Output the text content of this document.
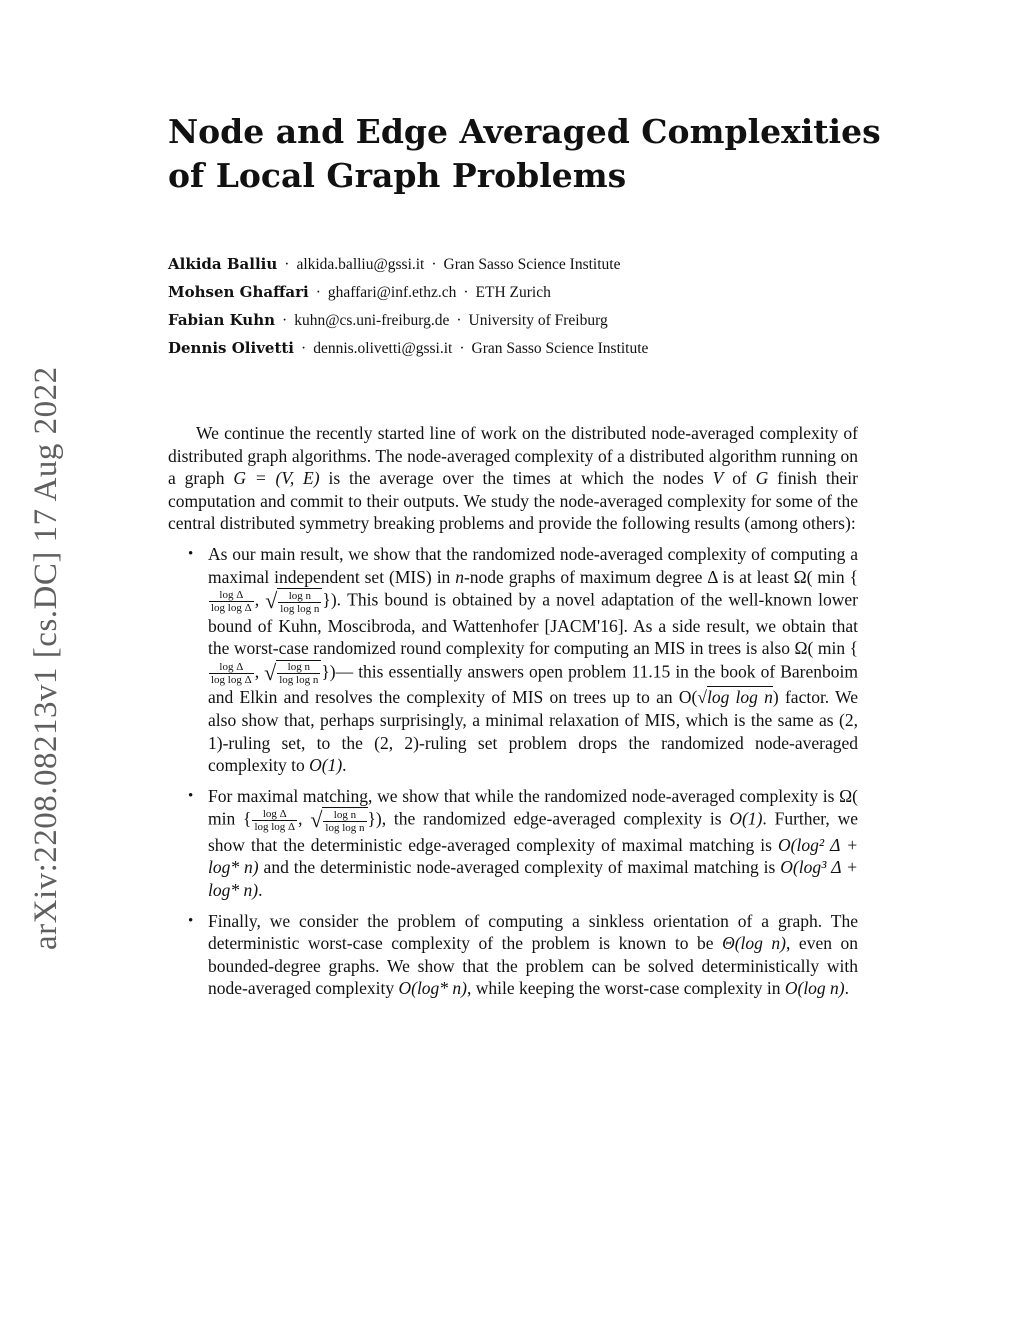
arXiv:2208.08213v1 [cs.DC] 17 Aug 2022
Node and Edge Averaged Complexities
of Local Graph Problems
Alkida Balliu · alkida.balliu@gssi.it · Gran Sasso Science Institute
Mohsen Ghaffari · ghaffari@inf.ethz.ch · ETH Zurich
Fabian Kuhn · kuhn@cs.uni-freiburg.de · University of Freiburg
Dennis Olivetti · dennis.olivetti@gssi.it · Gran Sasso Science Institute

We continue the recently started line of work on the distributed node-averaged complexity of distributed graph algorithms. The node-averaged complexity of a distributed algorithm running on a graph G = (V, E) is the average over the times at which the nodes V of G finish their computation and commit to their outputs. We study the node-averaged complexity for some of the central distributed symmetry breaking problems and provide the following results (among others):

• As our main result, we show that the randomized node-averaged complexity of computing a maximal independent set (MIS) in n-node graphs of maximum degree Δ is at least Ω( min {
$\frac{\text{log Δ}}{\text{log log Δ}}$ , √ $\frac{\text{log n}}{\text{log log n}}$ }). This bound is obtained by a novel adaptation of the well-known lower bound of Kuhn, Moscibroda, and Wattenhofer [JACM'16]. As a side result, we obtain that the worst-case randomized round complexity for computing an MIS in trees is also Ω( min {
$\frac{\text{log Δ}}{\text{log log Δ}}$ , √ $\frac{\text{log n}}{\text{log log n}}$ })— this essentially answers open problem 11.15 in the book of Barenboim and Elkin and resolves the complexity of MIS on trees up to an O(√log log n) factor. We also show that, perhaps surprisingly, a minimal relaxation of MIS, which is the same as (2, 1)-ruling set, to the (2, 2)-ruling set problem drops the randomized node-averaged complexity to O(1).
• For maximal matching, we show that while the randomized node-averaged complexity is Ω( min { $\frac{\text{log Δ}}{\text{log log Δ}}$ , √ $\frac{\text{log n}}{\text{log log n}}$ }), the randomized edge-averaged complexity is O(1). Further, we show that the deterministic edge-averaged complexity of maximal matching is O(log² Δ + log* n) and the deterministic node-averaged complexity of maximal matching is O(log³ Δ + log* n).
• Finally, we consider the problem of computing a sinkless orientation of a graph. The deterministic worst-case complexity of the problem is known to be Θ(log n), even on bounded-degree graphs. We show that the problem can be solved deterministically with node-averaged complexity O(log* n), while keeping the worst-case complexity in O(log n).
